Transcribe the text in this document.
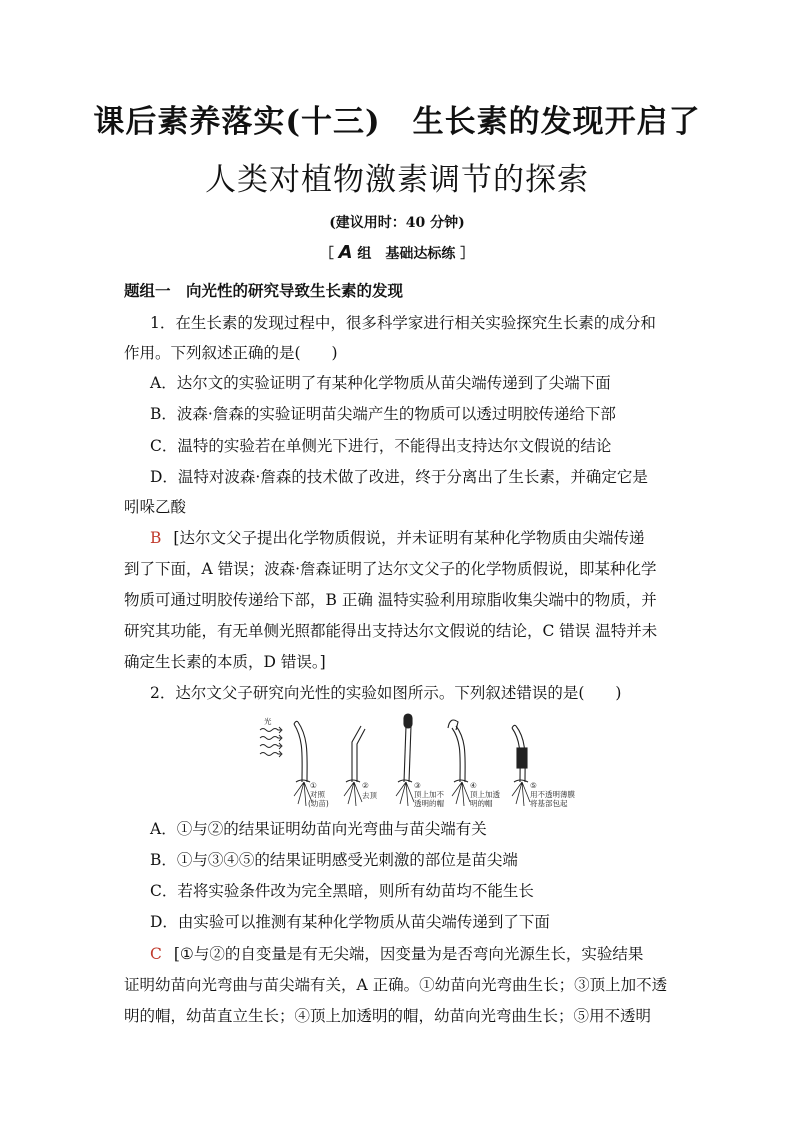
课后素养落实(十三)　生长素的发现开启了
人类对植物激素调节的探索
(建议用时：40 分钟)
［ A 组　基础达标练 ］
题组一　向光性的研究导致生长素的发现
1．在生长素的发现过程中，很多科学家进行相关实验探究生长素的成分和
作用。下列叙述正确的是(　　)
A．达尔文的实验证明了有某种化学物质从苗尖端传递到了尖端下面
B．波森·詹森的实验证明苗尖端产生的物质可以透过明胶传递给下部
C．温特的实验若在单侧光下进行，不能得出支持达尔文假说的结论
D．温特对波森·詹森的技术做了改进，终于分离出了生长素，并确定它是
吲哚乙酸
B [达尔文父子提出化学物质假说，并未证明有某种化学物质由尖端传递
到了下面，A 错误；波森·詹森证明了达尔文父子的化学物质假说，即某种化学
物质可通过明胶传递给下部，B 正确 温特实验利用琼脂收集尖端中的物质，并
研究其功能，有无单侧光照都能得出支持达尔文假说的结论，C 错误 温特并未
确定生长素的本质，D 错误。]
2．达尔文父子研究向光性的实验如图所示。下列叙述错误的是(　　)
光
①
对照
(幼苗)
②
去顶
③
顶上加不
透明的帽
④
顶上加透
明的帽
⑤
用不透明薄膜
将基部包起
A．①与②的结果证明幼苗向光弯曲与苗尖端有关
B．①与③④⑤的结果证明感受光刺激的部位是苗尖端
C．若将实验条件改为完全黑暗，则所有幼苗均不能生长
D．由实验可以推测有某种化学物质从苗尖端传递到了下面
C [①与②的自变量是有无尖端，因变量为是否弯向光源生长，实验结果
证明幼苗向光弯曲与苗尖端有关，A 正确。①幼苗向光弯曲生长；③顶上加不透
明的帽，幼苗直立生长；④顶上加透明的帽，幼苗向光弯曲生长；⑤用不透明
